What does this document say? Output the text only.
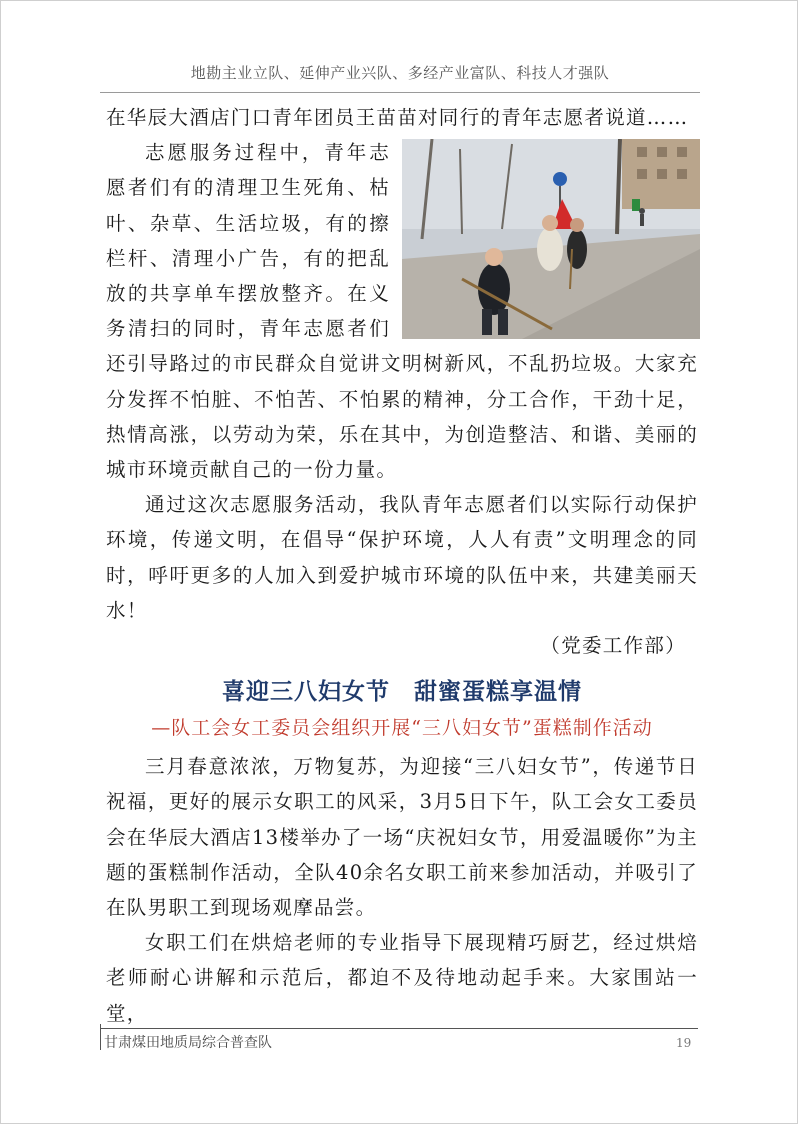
地勘主业立队、延伸产业兴队、多经产业富队、科技人才强队

在华辰大酒店门口青年团员王苗苗对同行的青年志愿者说道……

志愿服务过程中，青年志愿者们有的清理卫生死角、枯叶、杂草、生活垃圾，有的擦栏杆、清理小广告，有的把乱放的共享单车摆放整齐。在义务清扫的同时，青年志愿者们还引导路过的市民群众自觉讲文明树新风，不乱扔垃圾。大家充分发挥不怕脏、不怕苦、不怕累的精神，分工合作，干劲十足，热情高涨，以劳动为荣，乐在其中，为创造整洁、和谐、美丽的城市环境贡献自己的一份力量。

通过这次志愿服务活动，我队青年志愿者们以实际行动保护环境，传递文明，在倡导“保护环境，人人有责”文明理念的同时，呼吁更多的人加入到爱护城市环境的队伍中来，共建美丽天水！

（党委工作部）

喜迎三八妇女节　甜蜜蛋糕享温情
—队工会女工委员会组织开展“三八妇女节”蛋糕制作活动

三月春意浓浓，万物复苏，为迎接“三八妇女节”，传递节日祝福，更好的展示女职工的风采，3月5日下午，队工会女工委员会在华辰大酒店13楼举办了一场“庆祝妇女节，用爱温暖你”为主题的蛋糕制作活动，全队40余名女职工前来参加活动，并吸引了在队男职工到现场观摩品尝。

女职工们在烘焙老师的专业指导下展现精巧厨艺，经过烘焙老师耐心讲解和示范后，都迫不及待地动起手来。大家围站一堂，

甘肃煤田地质局综合普查队	19
